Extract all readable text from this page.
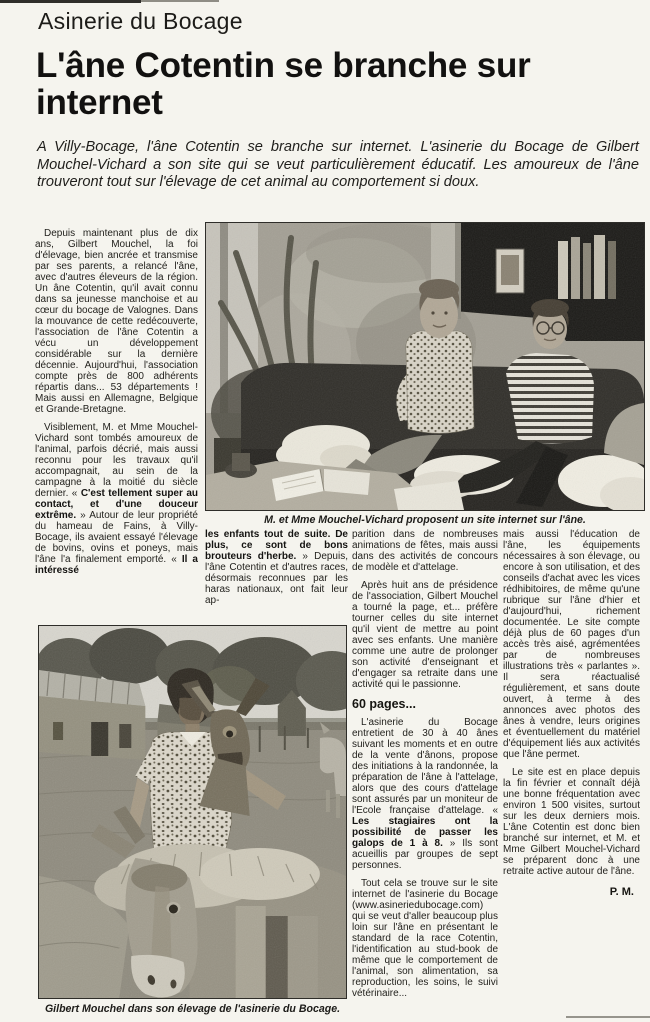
Asinerie du Bocage
L'âne Cotentin se branche sur internet
A Villy-Bocage, l'âne Cotentin se branche sur internet. L'asinerie du Bocage de Gilbert Mouchel-Vichard a son site qui se veut particulièrement éducatif. Les amoureux de l'âne trouveront tout sur l'élevage de cet animal au comportement si doux.
M. et Mme Mouchel-Vichard proposent un site internet sur l'âne.
Gilbert Mouchel dans son élevage de l'asinerie du Bocage.

Depuis maintenant plus de dix ans, Gilbert Mouchel, la foi d'élevage, bien ancrée et transmise par ses parents, a relancé l'âne, avec d'autres éleveurs de la région. Un âne Cotentin, qu'il avait connu dans sa jeunesse manchoise et au cœur du bocage de Valognes. Dans la mouvance de cette redécouverte, l'association de l'âne Cotentin a vécu un développement considérable sur la dernière décennie. Aujourd'hui, l'association compte près de 800 adhérents répartis dans... 53 départements ! Mais aussi en Allemagne, Belgique et Grande-Bretagne.

Visiblement, M. et Mme Mouchel-Vichard sont tombés amoureux de l'animal, parfois décrié, mais aussi reconnu pour les travaux qu'il accompagnait, au sein de la campagne à la moitié du siècle dernier. « C'est tellement super au contact, et d'une douceur extrême. » Autour de leur propriété du hameau de Fains, à Villy-Bocage, ils avaient essayé l'élevage de bovins, ovins et poneys, mais l'âne l'a finalement emporté. « Il a intéressé

les enfants tout de suite. De plus, ce sont de bons brouteurs d'herbe. » Depuis, l'âne Cotentin et d'autres races, désormais reconnues par les haras nationaux, ont fait leur ap-

parition dans de nombreuses animations de fêtes, mais aussi dans des activités de concours de modèle et d'attelage.

Après huit ans de présidence de l'association, Gilbert Mouchel a tourné la page, et... préfère tourner celles du site internet qu'il vient de mettre au point avec ses enfants. Une manière comme une autre de prolonger son activité d'enseignant et d'engager sa retraite dans une activité qui le passionne.

60 pages...

L'asinerie du Bocage entretient de 30 à 40 ânes suivant les moments et en outre de la vente d'ânons, propose des initiations à la randonnée, la préparation de l'âne à l'attelage, alors que des cours d'attelage sont assurés par un moniteur de l'Ecole française d'attelage. « Les stagiaires ont la possibilité de passer les galops de 1 à 8. » Ils sont acueillis par groupes de sept personnes.

Tout cela se trouve sur le site internet de l'asinerie du Bocage (www.asineriedubocage.com) qui se veut d'aller beaucoup plus loin sur l'âne en présentant le standard de la race Cotentin, l'identification au stud-book de même que le comportement de l'animal, son alimentation, sa reproduction, les soins, le suivi vétérinaire...

mais aussi l'éducation de l'âne, les équipements nécessaires à son élevage, ou encore à son utilisation, et des conseils d'achat avec les vices rédhibitoires, de même qu'une rubrique sur l'âne d'hier et d'aujourd'hui, richement documentée. Le site compte déjà plus de 60 pages d'un accès très aisé, agrémentées par de nombreuses illustrations très « parlantes ». Il sera réactualisé régulièrement, et sans doute ouvert, à terme à des annonces avec photos des ânes à vendre, leurs origines et éventuellement du matériel d'équipement liés aux activités que l'âne permet.

Le site est en place depuis la fin février et connaît déjà une bonne fréquentation avec environ 1 500 visites, surtout sur les deux derniers mois. L'âne Cotentin est donc bien branché sur internet, et M. et Mme Gilbert Mouchel-Vichard se préparent donc à une retraite active autour de l'âne.

P. M.
